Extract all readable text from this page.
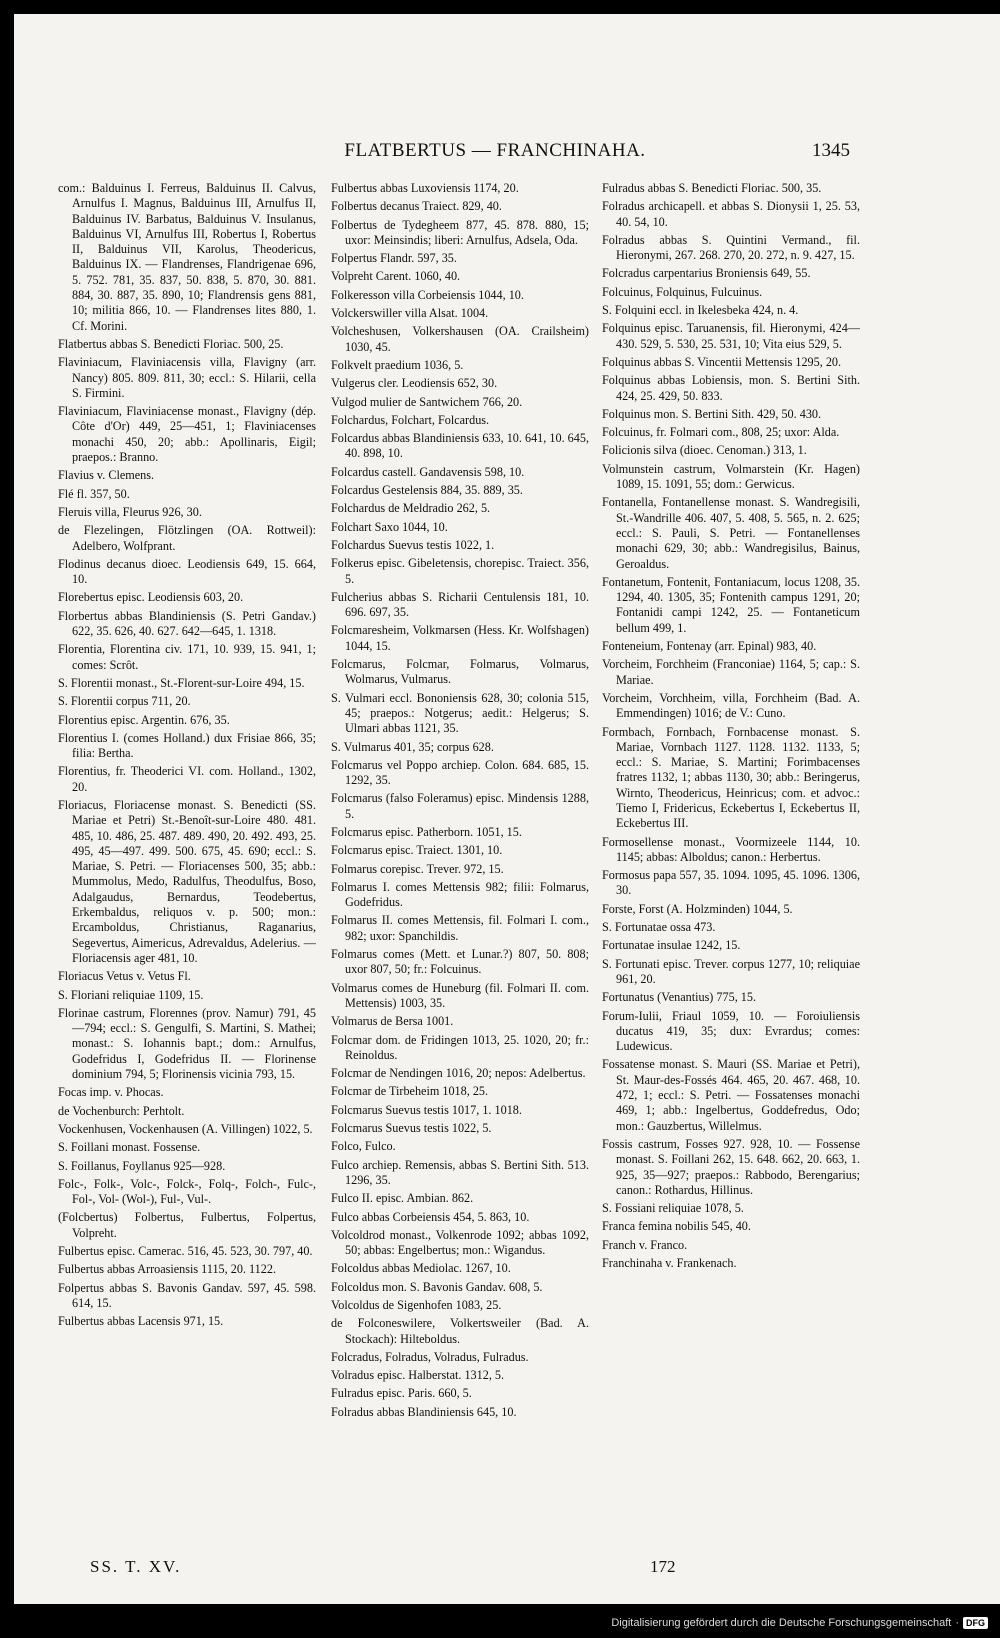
FLATBERTUS — FRANCHINAHA.	1345

com.: Balduinus I. Ferreus, Balduinus II. Calvus, Arnulfus I. Magnus, Balduinus III, Arnulfus II, Balduinus IV. Barbatus, Balduinus V. Insulanus, Balduinus VI, Arnulfus III, Robertus I, Robertus II, Balduinus VII, Karolus, Theodericus, Balduinus IX. — Flandrenses, Flandrigenae 696, 5. 752. 781, 35. 837, 50. 838, 5. 870, 30. 881. 884, 30. 887, 35. 890, 10; Flandrensis gens 881, 10; militia 866, 10. — Flandrenses lites 880, 1. Cf. Morini.

Flatbertus abbas S. Benedicti Floriac. 500, 25.

Flaviniacum, Flaviniacensis villa, Flavigny (arr. Nancy) 805. 809. 811, 30; eccl.: S. Hilarii, cella S. Firmini.

Flaviniacum, Flaviniacense monast., Flavigny (dép. Côte d'Or) 449, 25—451, 1; Flaviniacenses monachi 450, 20; abb.: Apollinaris, Eigil; praepos.: Branno.

Flavius v. Clemens.

Flé fl. 357, 50.

Fleruis villa, Fleurus 926, 30.

de Flezelingen, Flötzlingen (OA. Rottweil): Adelbero, Wolfprant.

Flodinus decanus dioec. Leodiensis 649, 15. 664, 10.

Florebertus episc. Leodiensis 603, 20.

Florbertus abbas Blandiniensis (S. Petri Gandav.) 622, 35. 626, 40. 627. 642—645, 1. 1318.

Florentia, Florentina civ. 171, 10. 939, 15. 941, 1; comes: Scrôt.

S. Florentii monast., St.-Florent-sur-Loire 494, 15.

S. Florentii corpus 711, 20.

Florentius episc. Argentin. 676, 35.

Florentius I. (comes Holland.) dux Frisiae 866, 35; filia: Bertha.

Florentius, fr. Theoderici VI. com. Holland., 1302, 20.

Floriacus, Floriacense monast. S. Benedicti (SS. Mariae et Petri) St.-Benoît-sur-Loire 480. 481. 485, 10. 486, 25. 487. 489. 490, 20. 492. 493, 25. 495, 45—497. 499. 500. 675, 45. 690; eccl.: S. Mariae, S. Petri. — Floriacenses 500, 35; abb.: Mummolus, Medo, Radulfus, Theodulfus, Boso, Adalgaudus, Bernardus, Teodebertus, Erkembaldus, reliquos v. p. 500; mon.: Ercamboldus, Christianus, Raganarius, Segevertus, Aimericus, Adrevaldus, Adelerius. — Floriacensis ager 481, 10.

Floriacus Vetus v. Vetus Fl.

S. Floriani reliquiae 1109, 15.

Florinae castrum, Florennes (prov. Namur) 791, 45—794; eccl.: S. Gengulfi, S. Martini, S. Mathei; monast.: S. Iohannis bapt.; dom.: Arnulfus, Godefridus I, Godefridus II. — Florinense dominium 794, 5; Florinensis vicinia 793, 15.

Focas imp. v. Phocas.

de Vochenburch: Perhtolt.

Vockenhusen, Vockenhausen (A. Villingen) 1022, 5.

S. Foillani monast. Fossense.

S. Foillanus, Foyllanus 925—928.

Folc-, Folk-, Volc-, Folck-, Folq-, Folch-, Fulc-, Fol-, Vol- (Wol-), Ful-, Vul-.

(Folcbertus) Folbertus, Fulbertus, Folpertus, Volpreht.

Fulbertus episc. Camerac. 516, 45. 523, 30. 797, 40.

Fulbertus abbas Arroasiensis 1115, 20. 1122.

Folpertus abbas S. Bavonis Gandav. 597, 45. 598. 614, 15.

Fulbertus abbas Lacensis 971, 15.

Fulbertus abbas Luxoviensis 1174, 20.

Folbertus decanus Traiect. 829, 40.

Folbertus de Tydegheem 877, 45. 878. 880, 15; uxor: Meinsindis; liberi: Arnulfus, Adsela, Oda.

Folpertus Flandr. 597, 35.

Volpreht Carent. 1060, 40.

Folkeresson villa Corbeiensis 1044, 10.

Volckerswiller villa Alsat. 1004.

Volcheshusen, Volkershausen (OA. Crailsheim) 1030, 45.

Folkvelt praedium 1036, 5.

Vulgerus cler. Leodiensis 652, 30.

Vulgod mulier de Santwichem 766, 20.

Folchardus, Folchart, Folcardus.

Folcardus abbas Blandiniensis 633, 10. 641, 10. 645, 40. 898, 10.

Folcardus castell. Gandavensis 598, 10.

Folcardus Gestelensis 884, 35. 889, 35.

Folchardus de Meldradio 262, 5.

Folchart Saxo 1044, 10.

Folchardus Suevus testis 1022, 1.

Folkerus episc. Gibeletensis, chorepisc. Traiect. 356, 5.

Fulcherius abbas S. Richarii Centulensis 181, 10. 696. 697, 35.

Folcmaresheim, Volkmarsen (Hess. Kr. Wolfshagen) 1044, 15.

Folcmarus, Folcmar, Folmarus, Volmarus, Wolmarus, Vulmarus.

S. Vulmari eccl. Bononiensis 628, 30; colonia 515, 45; praepos.: Notgerus; aedit.: Helgerus; S. Ulmari abbas 1121, 35.

S. Vulmarus 401, 35; corpus 628.

Folcmarus vel Poppo archiep. Colon. 684. 685, 15. 1292, 35.

Folcmarus (falso Foleramus) episc. Mindensis 1288, 5.

Folcmarus episc. Patherborn. 1051, 15.

Folcmarus episc. Traiect. 1301, 10.

Folmarus corepisc. Trever. 972, 15.

Folmarus I. comes Mettensis 982; filii: Folmarus, Godefridus.

Folmarus II. comes Mettensis, fil. Folmari I. com., 982; uxor: Spanchildis.

Folmarus comes (Mett. et Lunar.?) 807, 50. 808; uxor 807, 50; fr.: Folcuinus.

Volmarus comes de Huneburg (fil. Folmari II. com. Mettensis) 1003, 35.

Volmarus de Bersa 1001.

Folcmar dom. de Fridingen 1013, 25. 1020, 20; fr.: Reinoldus.

Folcmar de Nendingen 1016, 20; nepos: Adelbertus.

Folcmar de Tirbeheim 1018, 25.

Folcmarus Suevus testis 1017, 1. 1018.

Folcmarus Suevus testis 1022, 5.

Folco, Fulco.

Fulco archiep. Remensis, abbas S. Bertini Sith. 513. 1296, 35.

Fulco II. episc. Ambian. 862.

Fulco abbas Corbeiensis 454, 5. 863, 10.

Volcoldrod monast., Volkenrode 1092; abbas 1092, 50; abbas: Engelbertus; mon.: Wigandus.

Folcoldus abbas Mediolac. 1267, 10.

Folcoldus mon. S. Bavonis Gandav. 608, 5.

Volcoldus de Sigenhofen 1083, 25.

de Folconeswilere, Volkertsweiler (Bad. A. Stockach): Hilteboldus.

Folcradus, Folradus, Volradus, Fulradus.

Volradus episc. Halberstat. 1312, 5.

Fulradus episc. Paris. 660, 5.

Folradus abbas Blandiniensis 645, 10.

Fulradus abbas S. Benedicti Floriac. 500, 35.

Folradus archicapell. et abbas S. Dionysii 1, 25. 53, 40. 54, 10.

Folradus abbas S. Quintini Vermand., fil. Hieronymi, 267. 268. 270, 20. 272, n. 9. 427, 15.

Folcradus carpentarius Broniensis 649, 55.

Folcuinus, Folquinus, Fulcuinus.

S. Folquini eccl. in Ikelesbeka 424, n. 4.

Folquinus episc. Taruanensis, fil. Hieronymi, 424—430. 529, 5. 530, 25. 531, 10; Vita eius 529, 5.

Folquinus abbas S. Vincentii Mettensis 1295, 20.

Folquinus abbas Lobiensis, mon. S. Bertini Sith. 424, 25. 429, 50. 833.

Folquinus mon. S. Bertini Sith. 429, 50. 430.

Folcuinus, fr. Folmari com., 808, 25; uxor: Alda.

Folicionis silva (dioec. Cenoman.) 313, 1.

Volmunstein castrum, Volmarstein (Kr. Hagen) 1089, 15. 1091, 55; dom.: Gerwicus.

Fontanella, Fontanellense monast. S. Wandregisili, St.-Wandrille 406. 407, 5. 408, 5. 565, n. 2. 625; eccl.: S. Pauli, S. Petri. — Fontanellenses monachi 629, 30; abb.: Wandregisilus, Bainus, Geroaldus.

Fontanetum, Fontenit, Fontaniacum, locus 1208, 35. 1294, 40. 1305, 35; Fontenith campus 1291, 20; Fontanidi campi 1242, 25. — Fontaneticum bellum 499, 1.

Fonteneium, Fontenay (arr. Epinal) 983, 40.

Vorcheim, Forchheim (Franconiae) 1164, 5; cap.: S. Mariae.

Vorcheim, Vorchheim, villa, Forchheim (Bad. A. Emmendingen) 1016; de V.: Cuno.

Formbach, Fornbach, Fornbacense monast. S. Mariae, Vornbach 1127. 1128. 1132. 1133, 5; eccl.: S. Mariae, S. Martini; Forimbacenses fratres 1132, 1; abbas 1130, 30; abb.: Beringerus, Wirnto, Theodericus, Heinricus; com. et advoc.: Tiemo I, Fridericus, Eckebertus I, Eckebertus II, Eckebertus III.

Formosellense monast., Voormizeele 1144, 10. 1145; abbas: Alboldus; canon.: Herbertus.

Formosus papa 557, 35. 1094. 1095, 45. 1096. 1306, 30.

Forste, Forst (A. Holzminden) 1044, 5.

S. Fortunatae ossa 473.

Fortunatae insulae 1242, 15.

S. Fortunati episc. Trever. corpus 1277, 10; reliquiae 961, 20.

Fortunatus (Venantius) 775, 15.

Forum-Iulii, Friaul 1059, 10. — Foroiuliensis ducatus 419, 35; dux: Evrardus; comes: Ludewicus.

Fossatense monast. S. Mauri (SS. Mariae et Petri), St. Maur-des-Fossés 464. 465, 20. 467. 468, 10. 472, 1; eccl.: S. Petri. — Fossatenses monachi 469, 1; abb.: Ingelbertus, Goddefredus, Odo; mon.: Gauzbertus, Willelmus.

Fossis castrum, Fosses 927. 928, 10. — Fossense monast. S. Foillani 262, 15. 648. 662, 20. 663, 1. 925, 35—927; praepos.: Rabbodo, Berengarius; canon.: Rothardus, Hillinus.

S. Fossiani reliquiae 1078, 5.

Franca femina nobilis 545, 40.

Franch v. Franco.

Franchinaha v. Frankenach.

SS. T. XV.	172
Digitalisierung gefördert durch die Deutsche Forschungsgemeinschaft · DFG
